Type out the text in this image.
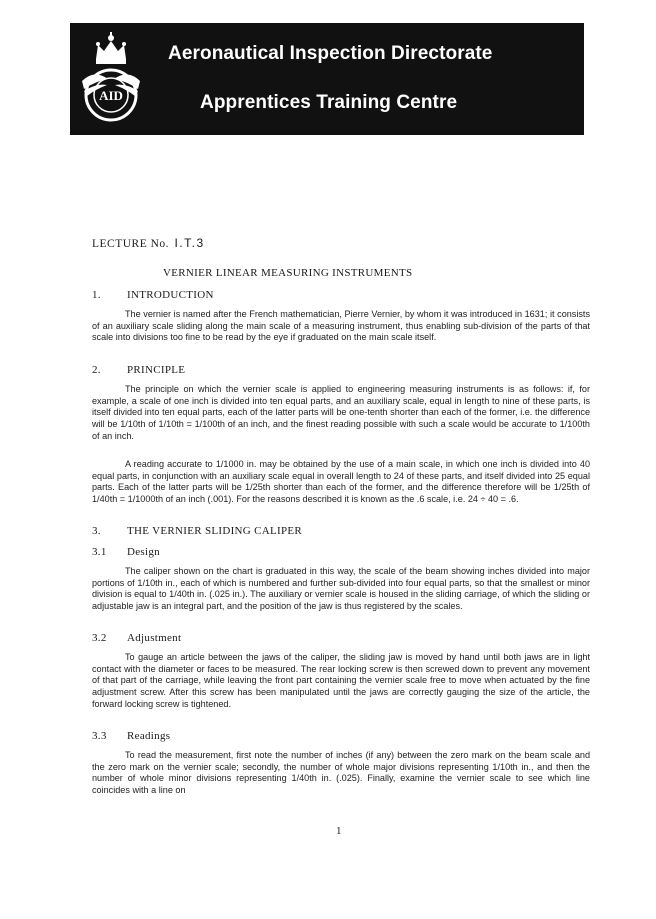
AID
Aeronautical Inspection Directorate
Apprentices Training Centre
LECTURE No. I.T.3
VERNIER LINEAR MEASURING INSTRUMENTS
1. INTRODUCTION

The vernier is named after the French mathematician, Pierre Vernier, by whom it was introduced in 1631; it consists of an auxiliary scale sliding along the main scale of a measuring instrument, thus enabling sub-division of the parts of that scale into divisions too fine to be read by the eye if graduated on the main scale itself.

2. PRINCIPLE

The principle on which the vernier scale is applied to engineering measuring instruments is as follows: if, for example, a scale of one inch is divided into ten equal parts, and an auxiliary scale, equal in length to nine of these parts, is itself divided into ten equal parts, each of the latter parts will be one-tenth shorter than each of the former, i.e. the difference will be 1/10th of 1/10th = 1/100th of an inch, and the finest reading possible with such a scale would be accurate to 1/100th of an inch.

A reading accurate to 1/1000 in. may be obtained by the use of a main scale, in which one inch is divided into 40 equal parts, in conjunction with an auxiliary scale equal in overall length to 24 of these parts, and itself divided into 25 equal parts. Each of the latter parts will be 1/25th shorter than each of the former, and the difference therefore will be 1/25th of 1/40th = 1/1000th of an inch (.001). For the reasons described it is known as the .6 scale, i.e. 24 ÷ 40 = .6.

3. THE VERNIER SLIDING CALIPER
3.1 Design

The caliper shown on the chart is graduated in this way, the scale of the beam showing inches divided into major portions of 1/10th in., each of which is numbered and further sub-divided into four equal parts, so that the smallest or minor division is equal to 1/40th in. (.025 in.). The auxiliary or vernier scale is housed in the sliding carriage, of which the sliding or adjustable jaw is an integral part, and the position of the jaw is thus registered by the scales.

3.2 Adjustment

To gauge an article between the jaws of the caliper, the sliding jaw is moved by hand until both jaws are in light contact with the diameter or faces to be measured. The rear locking screw is then screwed down to prevent any movement of that part of the carriage, while leaving the front part containing the vernier scale free to move when actuated by the fine adjustment screw. After this screw has been manipulated until the jaws are correctly gauging the size of the article, the forward locking screw is tightened.

3.3 Readings

To read the measurement, first note the number of inches (if any) between the zero mark on the beam scale and the zero mark on the vernier scale; secondly, the number of whole major divisions representing 1/10th in., and then the number of whole minor divisions representing 1/40th in. (.025). Finally, examine the vernier scale to see which line coincides with a line on

1
